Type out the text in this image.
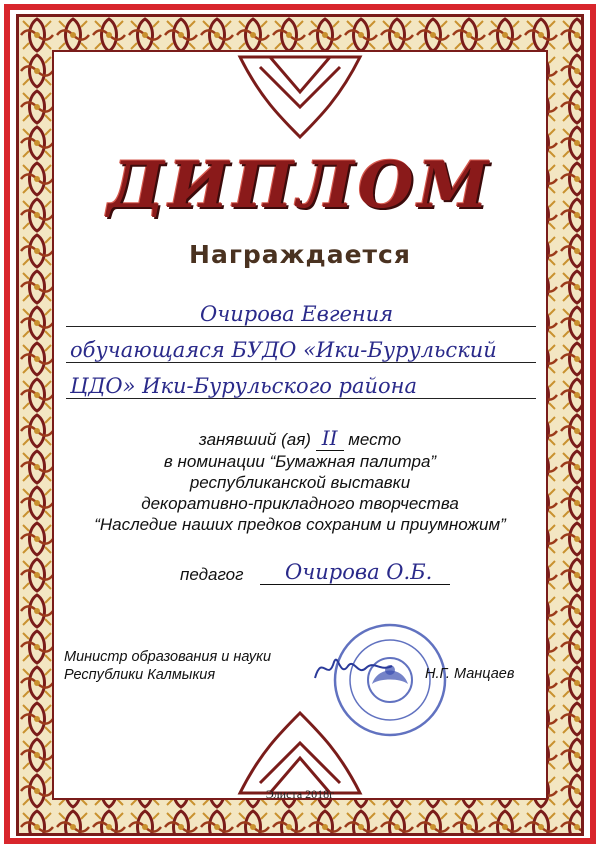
ДИПЛОМ
Награждается
Очирова Евгения
обучающаяся БУДО «Ики-Бурульский
ЦДО» Ики-Бурульского района
занявший (ая) II место
в номинации “Бумажная палитра”
республиканской выставки
декоративно-прикладного творчества
“Наследие наших предков сохраним и приумножим”
педагог Очирова О.Б.
Министр образования и науки
Республики Калмыкия	Н.Г. Манцаев
Элиста 2018г
